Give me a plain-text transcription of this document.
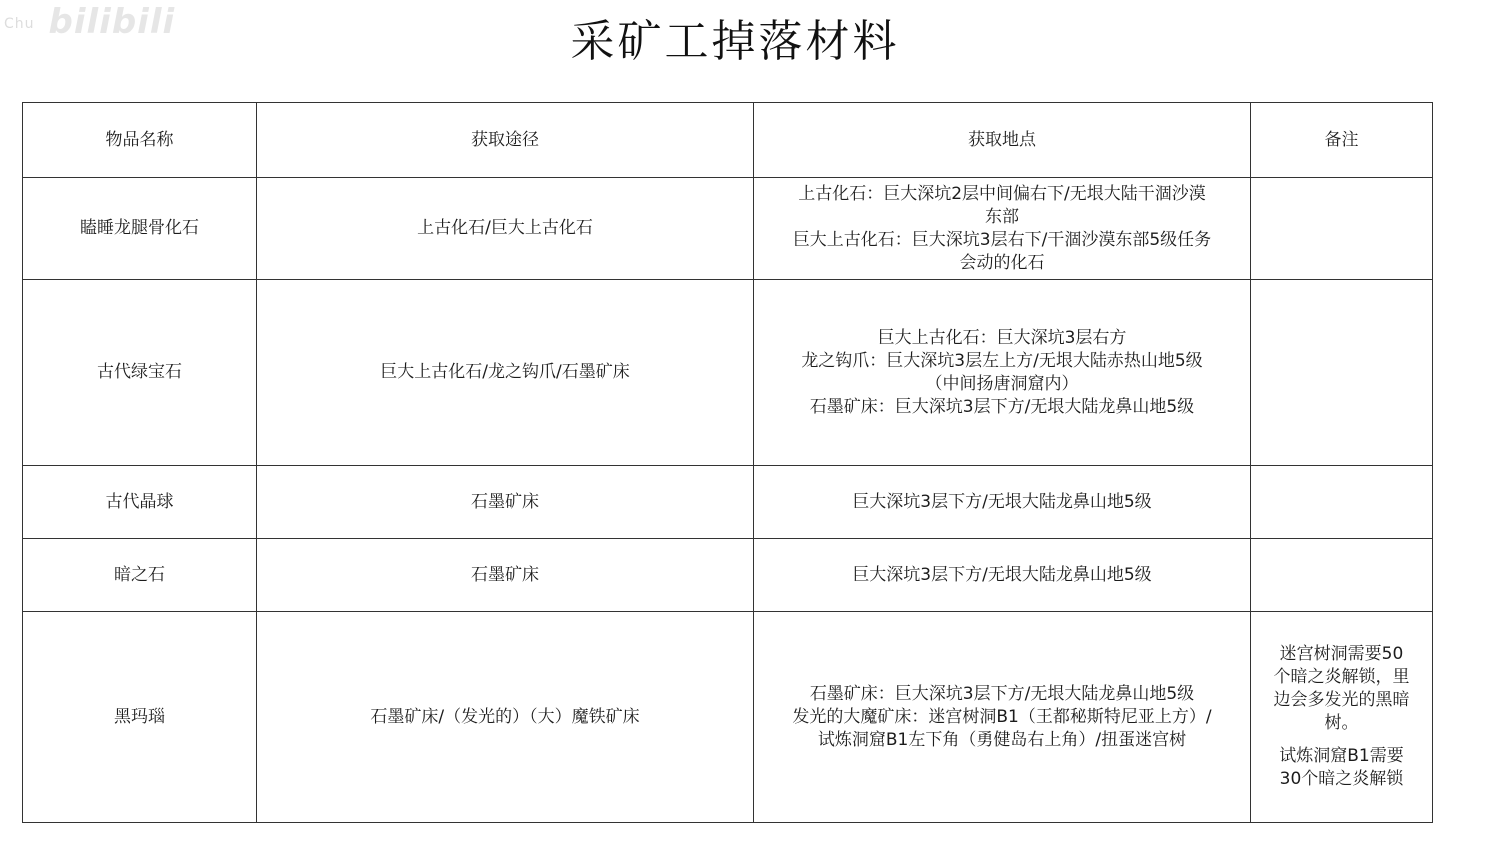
Chu bilibili	采矿工掉落材料
物品名称	获取途径	获取地点	备注
瞌睡龙腿骨化石	上古化石/巨大上古化石	上古化石：巨大深坑2层中间偏右下/无垠大陆干涸沙漠
东部
巨大上古化石：巨大深坑3层右下/干涸沙漠东部5级任务
会动的化石	

古代绿宝石	巨大上古化石/龙之钩爪/石墨矿床	巨大上古化石：巨大深坑3层右方
龙之钩爪：巨大深坑3层左上方/无垠大陆赤热山地5级
（中间扬唐洞窟内）
石墨矿床：巨大深坑3层下方/无垠大陆龙鼻山地5级	

古代晶球	石墨矿床	巨大深坑3层下方/无垠大陆龙鼻山地5级	

暗之石	石墨矿床	巨大深坑3层下方/无垠大陆龙鼻山地5级	

黑玛瑙	石墨矿床/（发光的）（大）魔铁矿床	石墨矿床：巨大深坑3层下方/无垠大陆龙鼻山地5级
发光的大魔矿床：迷宫树洞B1（王都秘斯特尼亚上方）/
试炼洞窟B1左下角（勇健岛右上角）/扭蛋迷宫树	迷宫树洞需要50个暗之炎解锁，里边会多发光的黑暗树。
试炼洞窟B1需要30个暗之炎解锁
